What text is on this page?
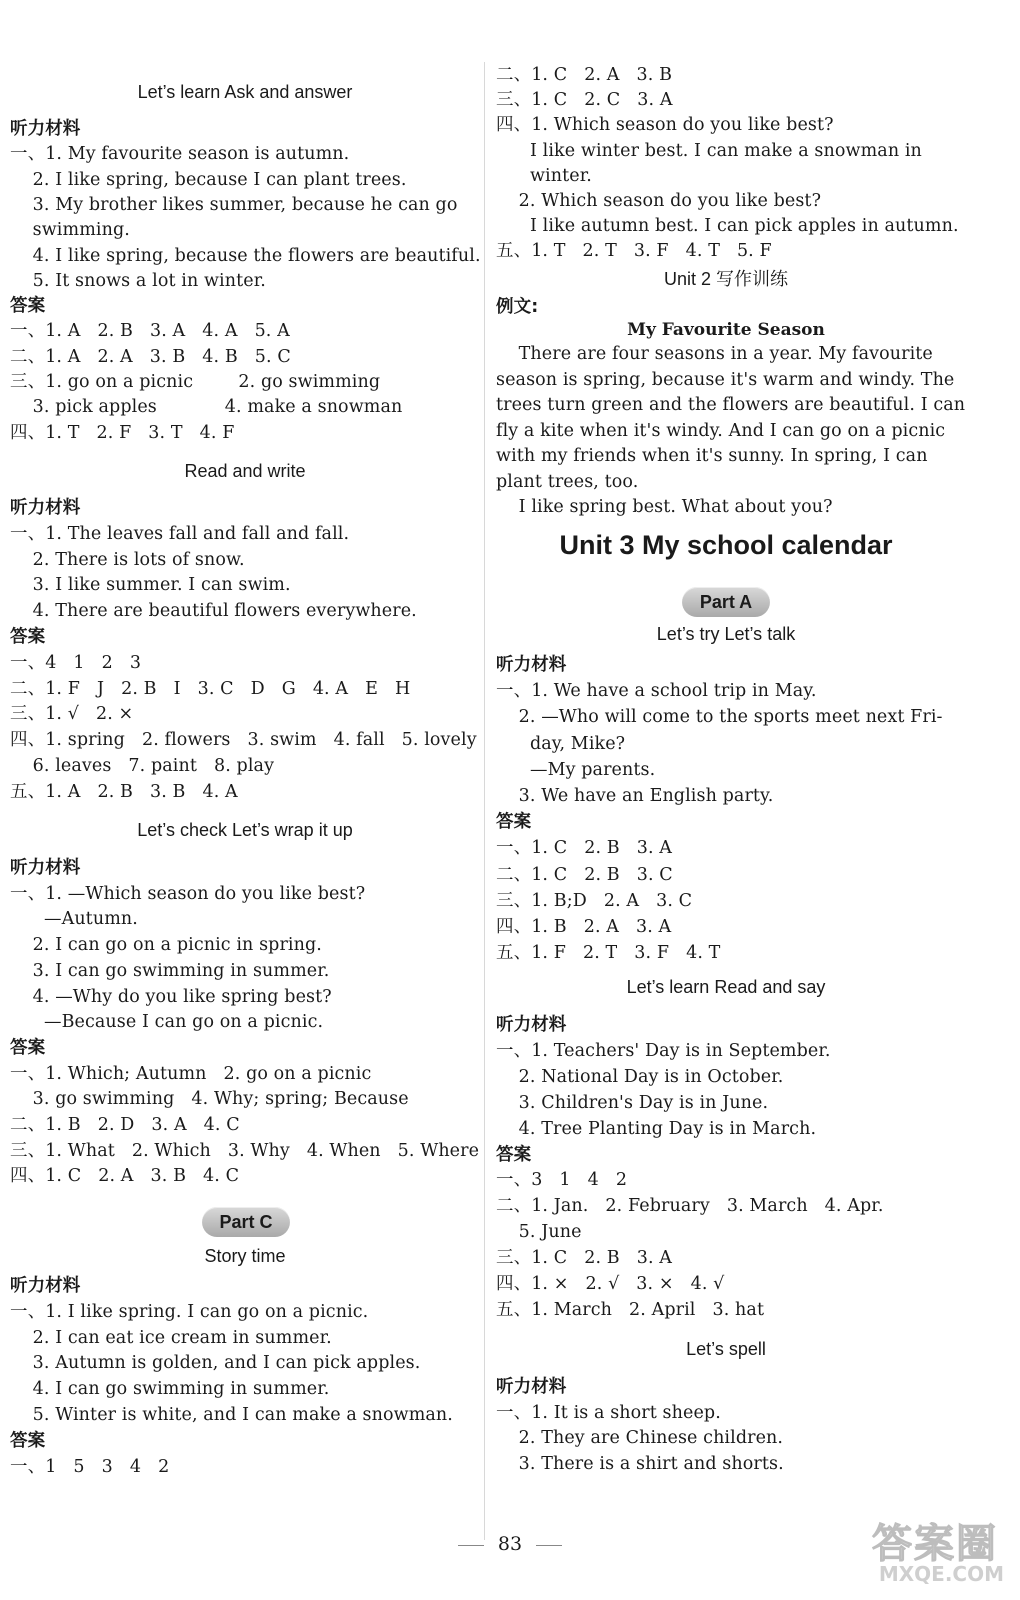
Let’s learn Ask and answer
听力材料
一、1. My favourite season is autumn.
2. I like spring, because I can plant trees.
3. My brother likes summer, because he can go
swimming.
4. I like spring, because the flowers are beautiful.
5. It snows a lot in winter.
答案
一、1. A   2. B   3. A   4. A   5. A
二、1. A   2. A   3. B   4. B   5. C
三、1. go on a picnic        2. go swimming
3. pick apples            4. make a snowman
四、1. T   2. F   3. T   4. F
Read and write
听力材料
一、1. The leaves fall and fall and fall.
2. There is lots of snow.
3. I like summer. I can swim.
4. There are beautiful flowers everywhere.
答案
一、4   1   2   3
二、1. F   J   2. B   I   3. C   D   G   4. A   E   H
三、1. √   2. ×
四、1. spring   2. flowers   3. swim   4. fall   5. lovely
6. leaves   7. paint   8. play
五、1. A   2. B   3. B   4. A
Let’s check Let’s wrap it up
听力材料
一、1. —Which season do you like best?
—Autumn.
2. I can go on a picnic in spring.
3. I can go swimming in summer.
4. —Why do you like spring best?
—Because I can go on a picnic.
答案
一、1. Which; Autumn   2. go on a picnic
3. go swimming   4. Why; spring; Because
二、1. B   2. D   3. A   4. C
三、1. What   2. Which   3. Why   4. When   5. Where
四、1. C   2. A   3. B   4. C
Part C
Story time
听力材料
一、1. I like spring. I can go on a picnic.
2. I can eat ice cream in summer.
3. Autumn is golden, and I can pick apples.
4. I can go swimming in summer.
5. Winter is white, and I can make a snowman.
答案
一、1   5   3   4   2
二、1. C   2. A   3. B
三、1. C   2. C   3. A
四、1. Which season do you like best?
I like winter best. I can make a snowman in
winter.
2. Which season do you like best?
I like autumn best. I can pick apples in autumn.
五、1. T   2. T   3. F   4. T   5. F
Unit 2 写作训练
例文:
My Favourite Season
There are four seasons in a year. My favourite
season is spring, because it's warm and windy. The
trees turn green and the flowers are beautiful. I can
fly a kite when it's windy. And I can go on a picnic
with my friends when it's sunny. In spring, I can
plant trees, too.
I like spring best. What about you?
Unit 3 My school calendar
Part A
Let’s try Let’s talk
听力材料
一、1. We have a school trip in May.
2. —Who will come to the sports meet next Fri-
day, Mike?
—My parents.
3. We have an English party.
答案
一、1. C   2. B   3. A
二、1. C   2. B   3. C
三、1. B;D   2. A   3. C
四、1. B   2. A   3. A
五、1. F   2. T   3. F   4. T
Let’s learn Read and say
听力材料
一、1. Teachers' Day is in September.
2. National Day is in October.
3. Children's Day is in June.
4. Tree Planting Day is in March.
答案
一、3   1   4   2
二、1. Jan.   2. February   3. March   4. Apr.
5. June
三、1. C   2. B   3. A
四、1. ×   2. √   3. ×   4. √
五、1. March   2. April   3. hat
Let’s spell
听力材料
一、1. It is a short sheep.
2. They are Chinese children.
3. There is a shirt and shorts.
83	答案圈
MXQE.COM
